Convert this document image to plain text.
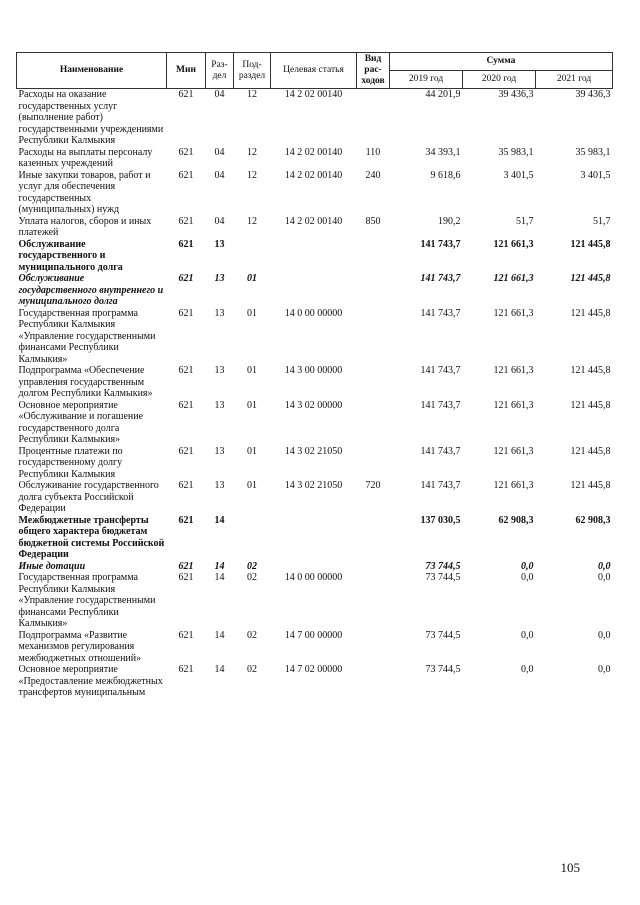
Наименование	Мин	Раз-дел	Под-раздел	Целевая статья	Вид рас-ходов	Сумма		
						2019 год	2020 год	2021 год
Расходы на оказание государственных услуг (выполнение работ) государственными учреждениями Республики Калмыкия	621	04	12	14 2 02 00140		44 201,9	39 436,3	39 436,3
Расходы на выплаты персоналу казенных учреждений	621	04	12	14 2 02 00140	110	34 393,1	35 983,1	35 983,1
Иные закупки товаров, работ и услуг для обеспечения государственных (муниципальных) нужд	621	04	12	14 2 02 00140	240	9 618,6	3 401,5	3 401,5
Уплата налогов, сборов и иных платежей	621	04	12	14 2 02 00140	850	190,2	51,7	51,7
Обслуживание государственного и муниципального долга	621	13				141 743,7	121 661,3	121 445,8
Обслуживание государственного внутреннего и муниципального долга	621	13	01			141 743,7	121 661,3	121 445,8
Государственная программа Республики Калмыкия «Управление государственными финансами Республики Калмыкия»	621	13	01	14 0 00 00000		141 743,7	121 661,3	121 445,8
Подпрограмма «Обеспечение управления государственным долгом Республики Калмыкия»	621	13	01	14 3 00 00000		141 743,7	121 661,3	121 445,8
Основное мероприятие «Обслуживание и погашение государственного долга Республики Калмыкия»	621	13	01	14 3 02 00000		141 743,7	121 661,3	121 445,8
Процентные платежи по государственному долгу Республики Калмыкия	621	13	01	14 3 02 21050		141 743,7	121 661,3	121 445,8
Обслуживание государственного долга субъекта Российской Федерации	621	13	01	14 3 02 21050	720	141 743,7	121 661,3	121 445,8
Межбюджетные трансферты общего характера бюджетам бюджетной системы Российской Федерации	621	14				137 030,5	62 908,3	62 908,3
Иные дотации	621	14	02			73 744,5	0,0	0,0
Государственная программа Республики Калмыкия «Управление государственными финансами Республики Калмыкия»	621	14	02	14 0 00 00000		73 744,5	0,0	0,0
Подпрограмма «Развитие механизмов регулирования межбюджетных отношений»	621	14	02	14 7 00 00000		73 744,5	0,0	0,0
Основное мероприятие «Предоставление межбюджетных трансфертов муниципальным	621	14	02	14 7 02 00000		73 744,5	0,0	0,0
105
